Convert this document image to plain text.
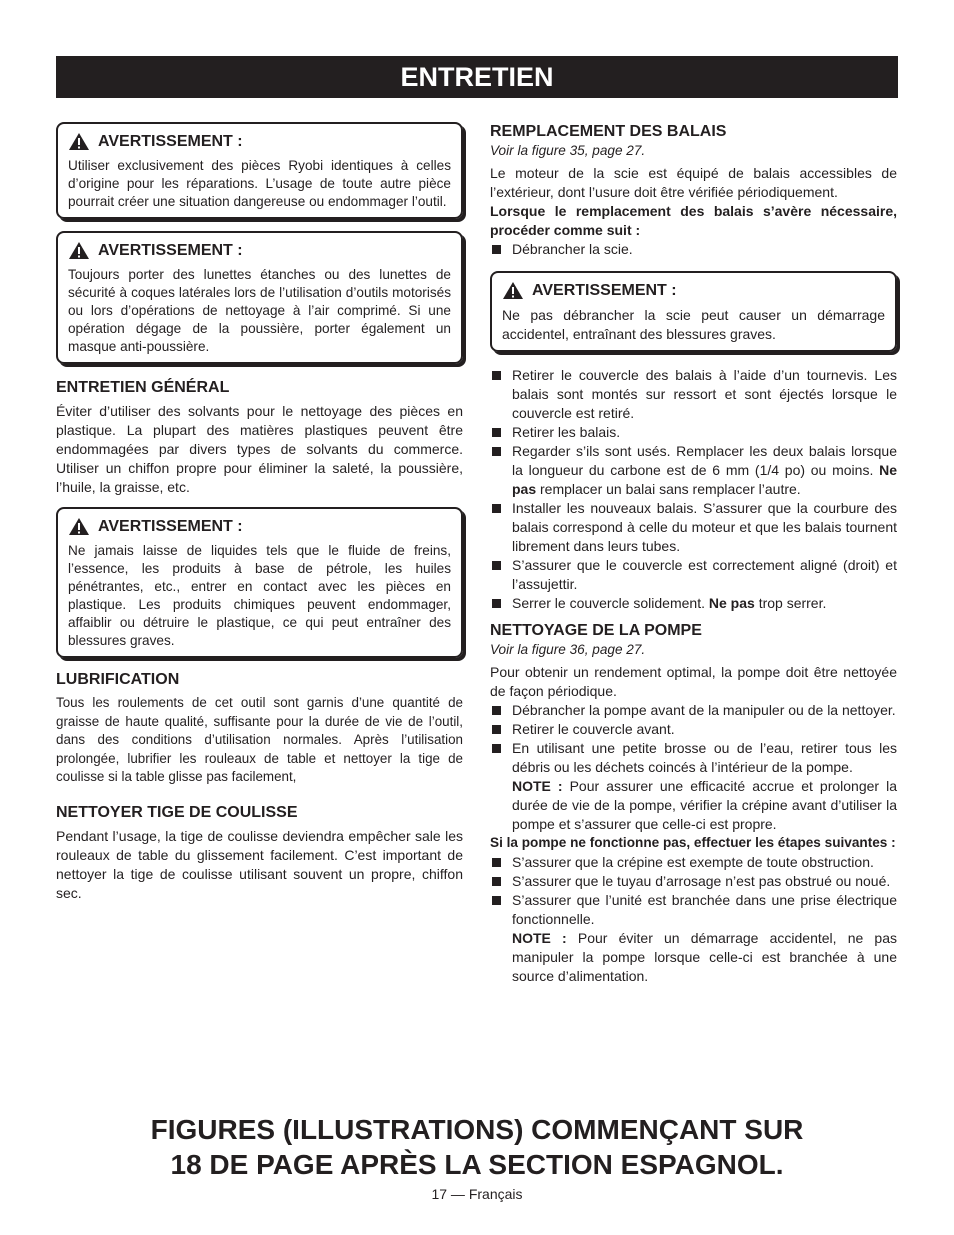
ENTRETIEN
AVERTISSEMENT :
Utiliser exclusivement des pièces Ryobi identiques à celles d’origine pour les réparations. L’usage de toute autre pièce pourrait créer une situation dangereuse ou endommager l’outil.
AVERTISSEMENT :
Toujours porter des lunettes étanches ou des lunettes de sécurité à coques latérales lors de l’utilisation d’outils motorisés ou lors d’opérations de nettoyage à l’air comprimé. Si une opération dégage de la poussière, porter également un masque anti-poussière.
ENTRETIEN GÉNÉRAL

Éviter d’utiliser des solvants pour le nettoyage des pièces en plastique. La plupart des matières plastiques peuvent être endommagées par divers types de solvants du commerce. Utiliser un chiffon propre pour éliminer la saleté, la poussière, l’huile, la graisse, etc.

AVERTISSEMENT :
Ne jamais laisse de liquides tels que le fluide de freins, l’essence, les produits à base de pétrole, les huiles pénétrantes, etc., entrer en contact avec les pièces en plastique. Les produits chimiques peuvent endommager, affaiblir ou détruire le plastique, ce qui peut entraîner des blessures graves.
LUBRIFICATION

Tous les roulements de cet outil sont garnis d’une quantité de graisse de haute qualité, suffisante pour la durée de vie de l’outil, dans des conditions d’utilisation normales. Après l’utilisation prolongée, lubrifier les rouleaux de table et nettoyer la tige de coulisse si la table glisse pas facilement,

NETTOYER TIGE DE COULISSE

Pendant l’usage, la tige de coulisse deviendra empêcher sale les rouleaux de table du glissement facilement. C’est important de nettoyer la tige de coulisse utilisant souvent un propre, chiffon sec.

REMPLACEMENT DES BALAIS
Voir la figure 35, page 27.

Le moteur de la scie est équipé de balais accessibles de l’extérieur, dont l’usure doit être vérifiée périodiquement.

Lorsque le remplacement des balais s’avère nécessaire, procéder comme suit :

Débrancher la scie.
AVERTISSEMENT :
Ne pas débrancher la scie peut causer un démarrage accidentel, entraînant des blessures graves.
Retirer le couvercle des balais à l’aide d’un tournevis. Les balais sont montés sur ressort et sont éjectés lorsque le couvercle est retiré.
Retirer les balais.
Regarder s’ils sont usés. Remplacer les deux balais lorsque la longueur du carbone est de 6 mm (1/4 po) ou moins. Ne pas remplacer un balai sans remplacer l’autre.
Installer les nouveaux balais. S’assurer que la courbure des balais correspond à celle du moteur et que les balais tournent librement dans leurs tubes.
S’assurer que le couvercle est correctement aligné (droit) et l’assujettir.
Serrer le couvercle solidement. Ne pas trop serrer.
NETTOYAGE DE LA POMPE
Voir la figure 36, page 27.

Pour obtenir un rendement optimal, la pompe doit être nettoyée de façon périodique.

Débrancher la pompe avant de la manipuler ou de la nettoyer.
Retirer le couvercle avant.
En utilisant une petite brosse ou de l’eau, retirer tous les débris ou les déchets coincés à l’intérieur de la pompe.
NOTE : Pour assurer une efficacité accrue et prolonger la durée de vie de la pompe, vérifier la crépine avant d’utiliser la pompe et s’assurer que celle-ci est propre.

Si la pompe ne fonctionne pas, effectuer les étapes suivantes :

S’assurer que la crépine est exempte de toute obstruction.
S’assurer que le tuyau d’arrosage n’est pas obstrué ou noué.
S’assurer que l’unité est branchée dans une prise électrique fonctionnelle.
NOTE : Pour éviter un démarrage accidentel, ne pas manipuler la pompe lorsque celle-ci est branchée à une source d’alimentation.
FIGURES (ILLUSTRATIONS) COMMENÇANT SUR
18 DE PAGE APRÈS LA SECTION ESPAGNOL.
17 — Français
